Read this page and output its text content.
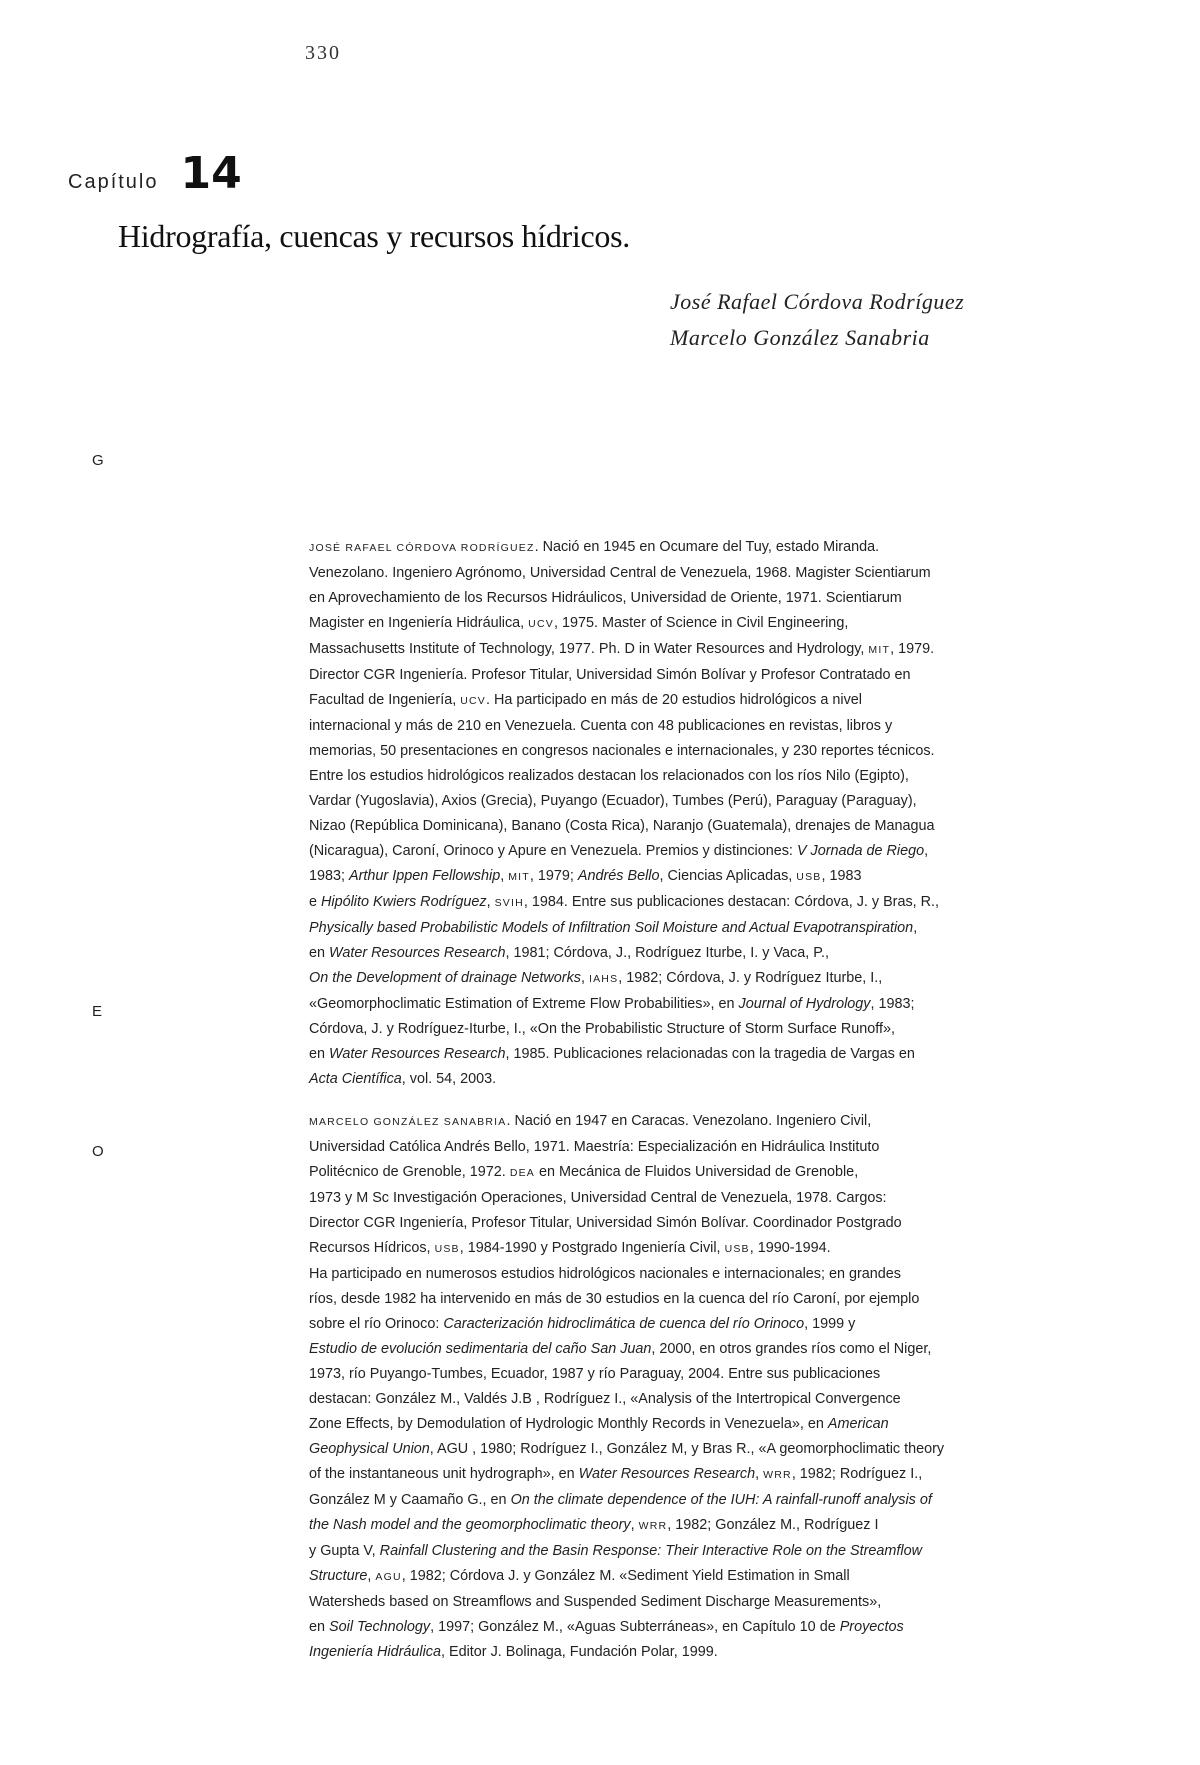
330
Capítulo 14
Hidrografía, cuencas y recursos hídricos.
José Rafael Córdova Rodríguez
Marcelo González Sanabria
G
E
O
JOSÉ RAFAEL CÓRDOVA RODRÍGUEZ. Nació en 1945 en Ocumare del Tuy, estado Miranda.
Venezolano. Ingeniero Agrónomo, Universidad Central de Venezuela, 1968. Magister Scientiarum
en Aprovechamiento de los Recursos Hidráulicos, Universidad de Oriente, 1971. Scientiarum
Magister en Ingeniería Hidráulica, UCV, 1975. Master of Science in Civil Engineering,
Massachusetts Institute of Technology, 1977. Ph. D in Water Resources and Hydrology, MIT, 1979.
Director CGR Ingeniería. Profesor Titular, Universidad Simón Bolívar y Profesor Contratado en
Facultad de Ingeniería, UCV. Ha participado en más de 20 estudios hidrológicos a nivel
internacional y más de 210 en Venezuela. Cuenta con 48 publicaciones en revistas, libros y
memorias, 50 presentaciones en congresos nacionales e internacionales, y 230 reportes técnicos.
Entre los estudios hidrológicos realizados destacan los relacionados con los ríos Nilo (Egipto),
Vardar (Yugoslavia), Axios (Grecia), Puyango (Ecuador), Tumbes (Perú), Paraguay (Paraguay),
Nizao (República Dominicana), Banano (Costa Rica), Naranjo (Guatemala), drenajes de Managua
(Nicaragua), Caroní, Orinoco y Apure en Venezuela. Premios y distinciones: V Jornada de Riego,
1983; Arthur Ippen Fellowship, MIT, 1979; Andrés Bello, Ciencias Aplicadas, USB, 1983
e Hipólito Kwiers Rodríguez, SVIH, 1984. Entre sus publicaciones destacan: Córdova, J. y Bras, R.,
Physically based Probabilistic Models of Infiltration Soil Moisture and Actual Evapotranspiration,
en Water Resources Research, 1981; Córdova, J., Rodríguez Iturbe, I. y Vaca, P.,
On the Development of drainage Networks, IAHS, 1982; Córdova, J. y Rodríguez Iturbe, I.,
«Geomorphoclimatic Estimation of Extreme Flow Probabilities», en Journal of Hydrology, 1983;
Córdova, J. y Rodríguez-Iturbe, I., «On the Probabilistic Structure of Storm Surface Runoff»,
en Water Resources Research, 1985. Publicaciones relacionadas con la tragedia de Vargas en
Acta Científica, vol. 54, 2003.
MARCELO GONZÁLEZ SANABRIA. Nació en 1947 en Caracas. Venezolano. Ingeniero Civil,
Universidad Católica Andrés Bello, 1971. Maestría: Especialización en Hidráulica Instituto
Politécnico de Grenoble, 1972. DEA en Mecánica de Fluidos Universidad de Grenoble,
1973 y M Sc Investigación Operaciones, Universidad Central de Venezuela, 1978. Cargos:
Director CGR Ingeniería, Profesor Titular, Universidad Simón Bolívar. Coordinador Postgrado
Recursos Hídricos, USB, 1984-1990 y Postgrado Ingeniería Civil, USB, 1990-1994.
Ha participado en numerosos estudios hidrológicos nacionales e internacionales; en grandes
ríos, desde 1982 ha intervenido en más de 30 estudios en la cuenca del río Caroní, por ejemplo
sobre el río Orinoco: Caracterización hidroclimática de cuenca del río Orinoco, 1999 y
Estudio de evolución sedimentaria del caño San Juan, 2000, en otros grandes ríos como el Niger,
1973, río Puyango-Tumbes, Ecuador, 1987 y río Paraguay, 2004. Entre sus publicaciones
destacan: González M., Valdés J.B , Rodríguez I., «Analysis of the Intertropical Convergence
Zone Effects, by Demodulation of Hydrologic Monthly Records in Venezuela», en American
Geophysical Union, AGU , 1980; Rodríguez I., González M, y Bras R., «A geomorphoclimatic theory
of the instantaneous unit hydrograph», en Water Resources Research, WRR, 1982; Rodríguez I.,
González M y Caamaño G., en On the climate dependence of the IUH: A rainfall-runoff analysis of
the Nash model and the geomorphoclimatic theory, WRR, 1982; González M., Rodríguez I
y Gupta V, Rainfall Clustering and the Basin Response: Their Interactive Role on the Streamflow
Structure, AGU, 1982; Córdova J. y González M. «Sediment Yield Estimation in Small
Watersheds based on Streamflows and Suspended Sediment Discharge Measurements»,
en Soil Technology, 1997; González M., «Aguas Subterráneas», en Capítulo 10 de Proyectos
Ingeniería Hidráulica, Editor J. Bolinaga, Fundación Polar, 1999.
